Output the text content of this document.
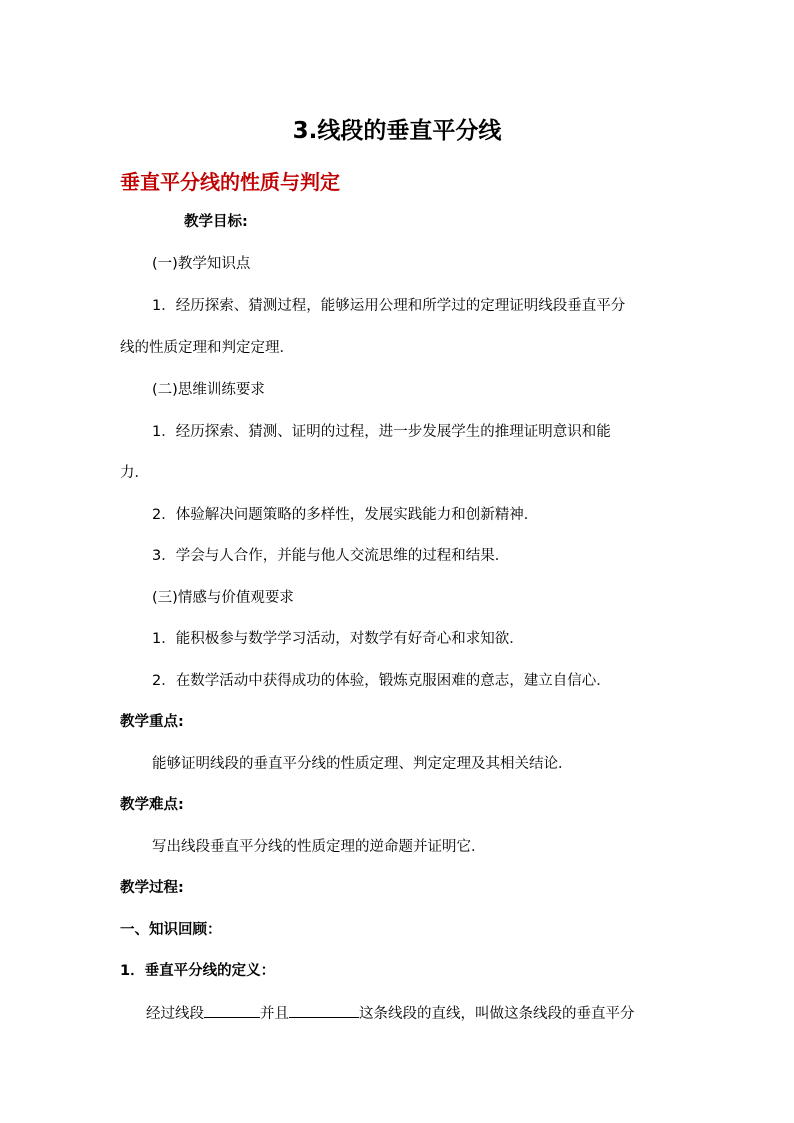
3.线段的垂直平分线
垂直平分线的性质与判定
教学目标:
(一)教学知识点
1．经历探索、猜测过程，能够运用公理和所学过的定理证明线段垂直平分
线的性质定理和判定定理．
(二)思维训练要求
1．经历探索、猜测、证明的过程，进一步发展学生的推理证明意识和能
力．
2．体验解决问题策略的多样性，发展实践能力和创新精神．
3．学会与人合作，并能与他人交流思维的过程和结果．
(三)情感与价值观要求
1．能积极参与数学学习活动，对数学有好奇心和求知欲．
2．在数学活动中获得成功的体验，锻炼克服困难的意志，建立自信心．
教学重点:
能够证明线段的垂直平分线的性质定理、判定定理及其相关结论．
教学难点:
写出线段垂直平分线的性质定理的逆命题并证明它．
教学过程:
一、知识回顾：
1．垂直平分线的定义：
经过线段	并且	这条线段的直线，叫做这条线段的垂直平分
